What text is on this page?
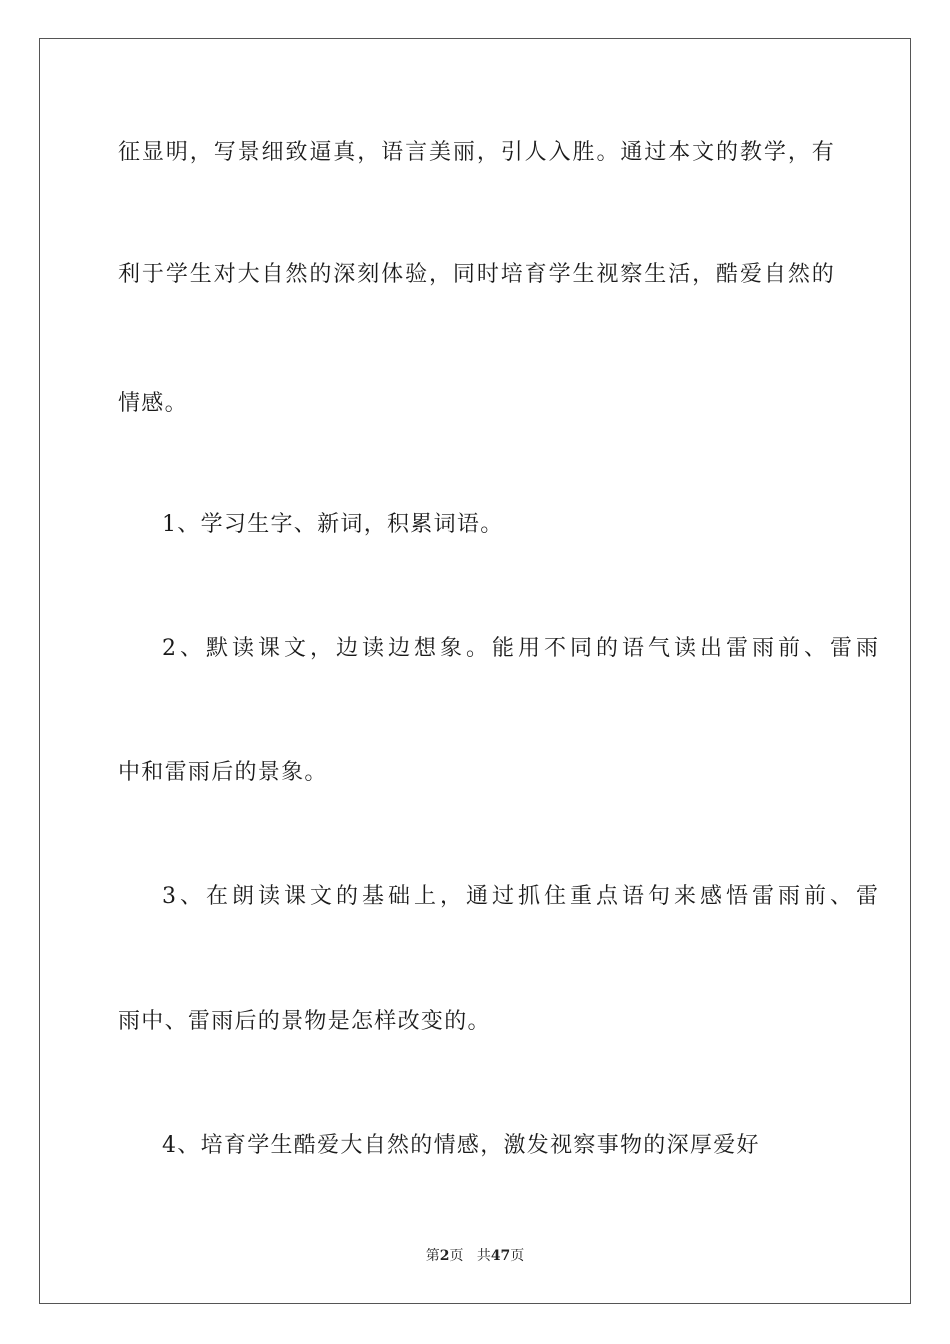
征 显 明 ， 写 景 细 致 逼 真 ， 语 言 美 丽 ， 引 人 入 胜 。 通 过 本 文 的 教 学 ， 有
利 于 学 生 对 大 自 然 的 深 刻 体 验 ， 同 时 培 育 学 生 视 察 生 活 ， 酷 爱 自 然 的
情感。
1、学习生字、新词，积累词语。
2 、 默 读 课 文 ， 边 读 边 想 象 。 能 用 不 同 的 语 气 读 出 雷 雨 前 、 雷 雨
中和雷雨后的景象。
3 、 在 朗 读 课 文 的 基 础 上 ， 通 过 抓 住 重 点 语 句 来 感 悟 雷 雨 前 、 雷
雨中、雷雨后的景物是怎样改变的。
4、培育学生酷爱大自然的情感，激发视察事物的深厚爱好
第2页 共47页
